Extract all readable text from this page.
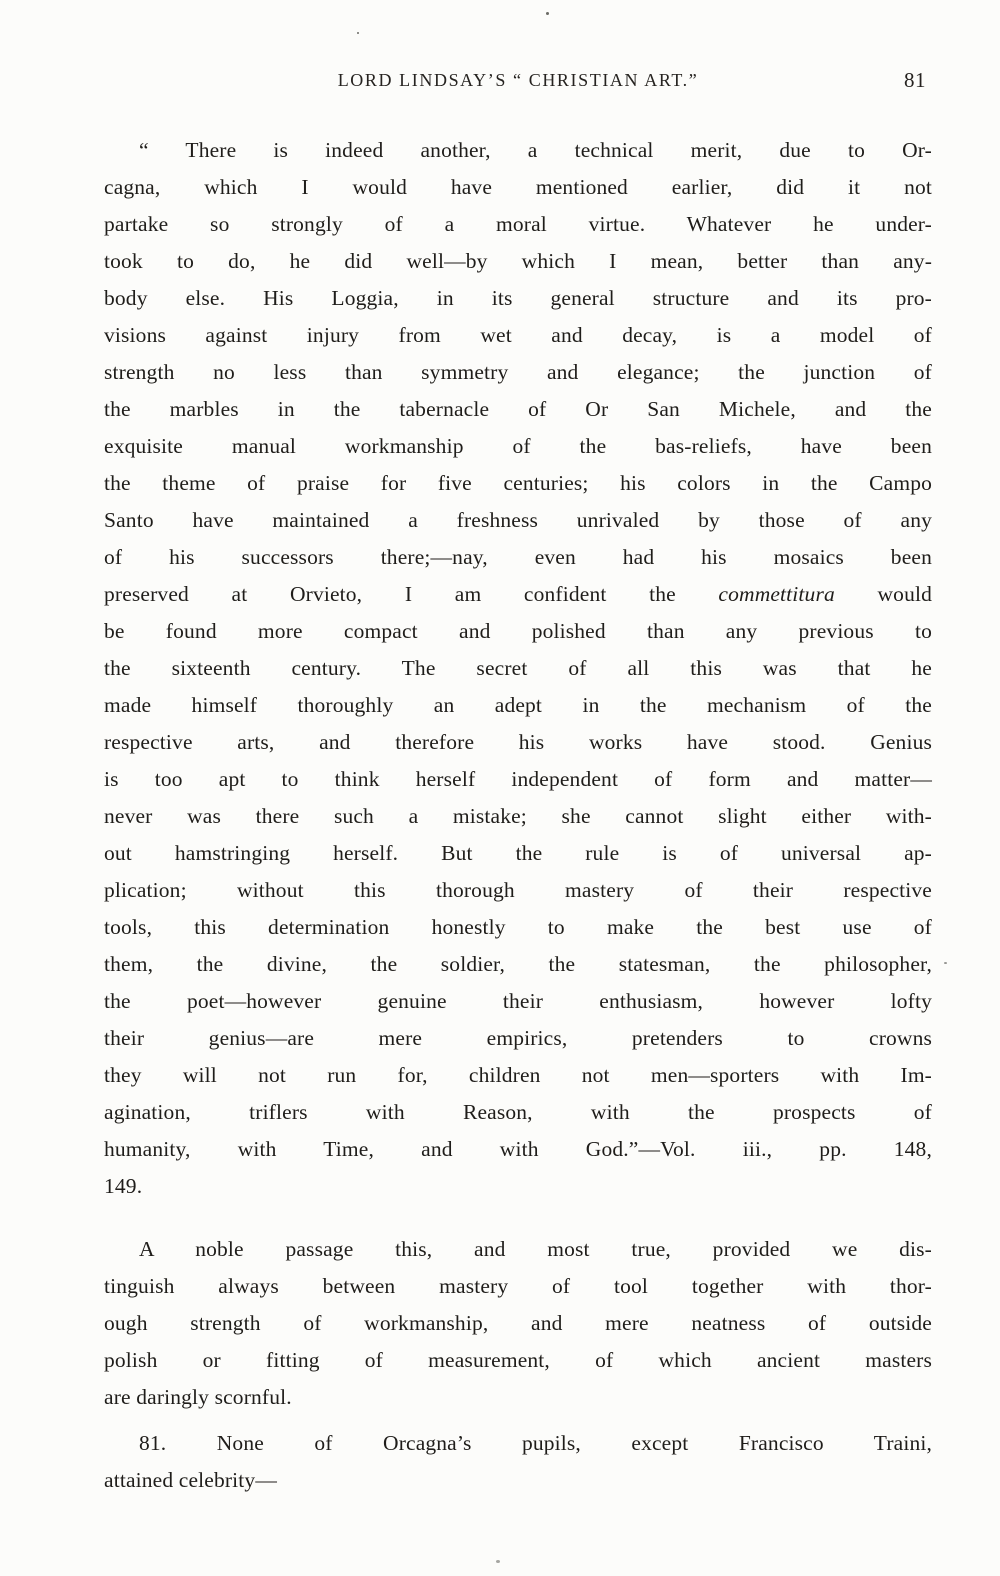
LORD LINDSAY’S “ CHRISTIAN ART.”	81
“ There is indeed another, a technical merit, due to Or-
cagna, which I would have mentioned earlier, did it not
partake so strongly of a moral virtue. Whatever he under-
took to do, he did well—by which I mean, better than any-
body else. His Loggia, in its general structure and its pro-
visions against injury from wet and decay, is a model of
strength no less than symmetry and elegance; the junction of
the marbles in the tabernacle of Or San Michele, and the
exquisite manual workmanship of the bas-reliefs, have been
the theme of praise for five centuries; his colors in the Campo
Santo have maintained a freshness unrivaled by those of any
of his successors there;—nay, even had his mosaics been
preserved at Orvieto, I am confident the commettitura would
be found more compact and polished than any previous to
the sixteenth century. The secret of all this was that he
made himself thoroughly an adept in the mechanism of the
respective arts, and therefore his works have stood. Genius
is too apt to think herself independent of form and matter—
never was there such a mistake; she cannot slight either with-
out hamstringing herself. But the rule is of universal ap-
plication; without this thorough mastery of their respective
tools, this determination honestly to make the best use of
them, the divine, the soldier, the statesman, the philosopher,
the poet—however genuine their enthusiasm, however lofty
their genius—are mere empirics, pretenders to crowns
they will not run for, children not men—sporters with Im-
agination, triflers with Reason, with the prospects of
humanity, with Time, and with God.”—Vol. iii., pp. 148,
149.
A noble passage this, and most true, provided we dis-
tinguish always between mastery of tool together with thor-
ough strength of workmanship, and mere neatness of outside
polish or fitting of measurement, of which ancient masters
are daringly scornful.
81. None of Orcagna’s pupils, except Francisco Traini,
attained celebrity—
